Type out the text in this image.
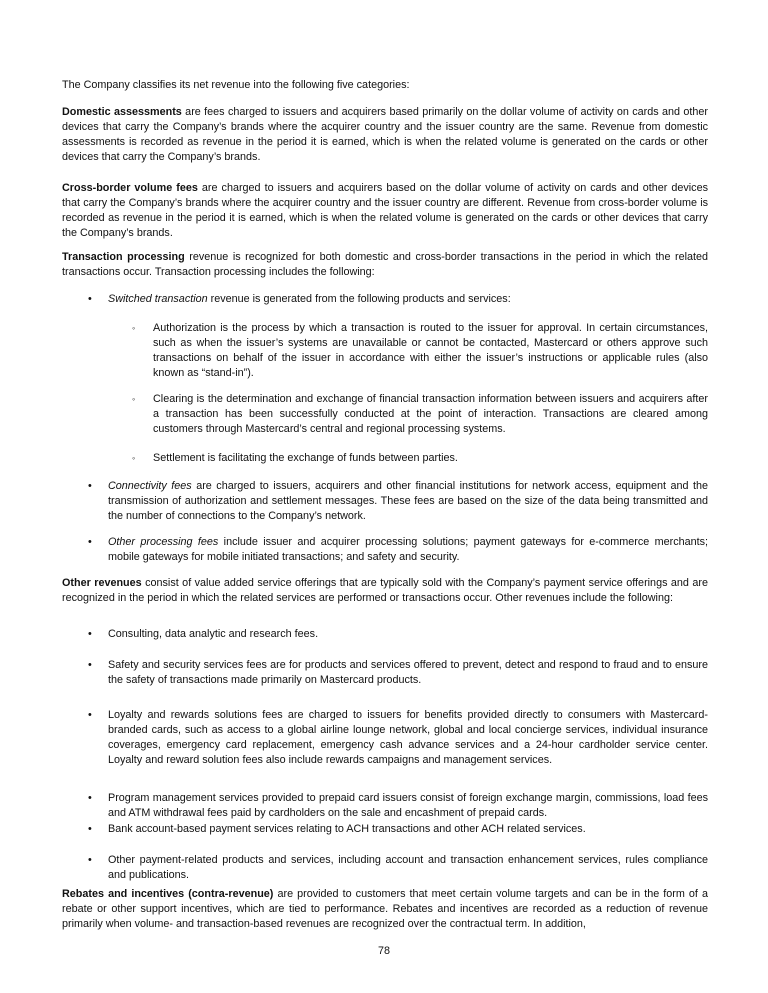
The Company classifies its net revenue into the following five categories:
Domestic assessments are fees charged to issuers and acquirers based primarily on the dollar volume of activity on cards and other devices that carry the Company’s brands where the acquirer country and the issuer country are the same. Revenue from domestic assessments is recorded as revenue in the period it is earned, which is when the related volume is generated on the cards or other devices that carry the Company’s brands.
Cross-border volume fees are charged to issuers and acquirers based on the dollar volume of activity on cards and other devices that carry the Company’s brands where the acquirer country and the issuer country are different. Revenue from cross-border volume is recorded as revenue in the period it is earned, which is when the related volume is generated on the cards or other devices that carry the Company’s brands.
Transaction processing revenue is recognized for both domestic and cross-border transactions in the period in which the related transactions occur. Transaction processing includes the following:
• Switched transaction revenue is generated from the following products and services:
◦ Authorization is the process by which a transaction is routed to the issuer for approval. In certain circumstances, such as when the issuer’s systems are unavailable or cannot be contacted, Mastercard or others approve such transactions on behalf of the issuer in accordance with either the issuer’s instructions or applicable rules (also known as “stand-in”).
◦ Clearing is the determination and exchange of financial transaction information between issuers and acquirers after a transaction has been successfully conducted at the point of interaction. Transactions are cleared among customers through Mastercard’s central and regional processing systems.
◦ Settlement is facilitating the exchange of funds between parties.
• Connectivity fees are charged to issuers, acquirers and other financial institutions for network access, equipment and the transmission of authorization and settlement messages. These fees are based on the size of the data being transmitted and the number of connections to the Company’s network.
• Other processing fees include issuer and acquirer processing solutions; payment gateways for e-commerce merchants; mobile gateways for mobile initiated transactions; and safety and security.
Other revenues consist of value added service offerings that are typically sold with the Company’s payment service offerings and are recognized in the period in which the related services are performed or transactions occur. Other revenues include the following:
• Consulting, data analytic and research fees.
• Safety and security services fees are for products and services offered to prevent, detect and respond to fraud and to ensure the safety of transactions made primarily on Mastercard products.
• Loyalty and rewards solutions fees are charged to issuers for benefits provided directly to consumers with Mastercard-branded cards, such as access to a global airline lounge network, global and local concierge services, individual insurance coverages, emergency card replacement, emergency cash advance services and a 24-hour cardholder service center. Loyalty and reward solution fees also include rewards campaigns and management services.
• Program management services provided to prepaid card issuers consist of foreign exchange margin, commissions, load fees and ATM withdrawal fees paid by cardholders on the sale and encashment of prepaid cards.
• Bank account-based payment services relating to ACH transactions and other ACH related services.
• Other payment-related products and services, including account and transaction enhancement services, rules compliance and publications.
Rebates and incentives (contra-revenue) are provided to customers that meet certain volume targets and can be in the form of a rebate or other support incentives, which are tied to performance. Rebates and incentives are recorded as a reduction of revenue primarily when volume- and transaction-based revenues are recognized over the contractual term. In addition,
78
